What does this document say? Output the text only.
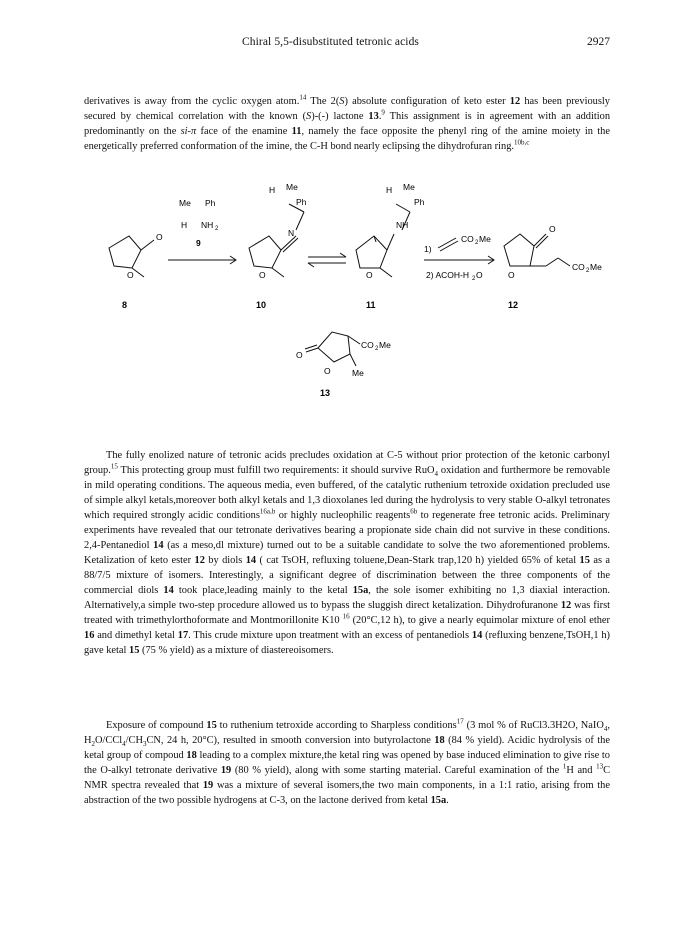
Chiral 5,5-disubstituted tetronic acids	2927

derivatives is away from the cyclic oxygen atom.$^{14}$ The 2(S) absolute configuration of keto ester 12 has been previously secured by chemical correlation with the known (S)-(-) lactone 13.$^9$ This assignment is in agreement with an addition predominantly on the si-π face of the enamine 11, namely the face opposite the phenyl ring of the amine moiety in the energetically preferred conformation of the imine, the C-H bond nearly eclipsing the dihydrofuran ring.$^{10b,c}$

O
O
Me Ph
H NH 2
9
H Me
Ph
N
O
H Me
Ph
NH
O
1)
CO 2 Me
2) ACOH-H 2 O
O
O
CO 2 Me
O
O
CO 2 Me
Me
8	10	11	12
13

The fully enolized nature of tetronic acids precludes oxidation at C-5 without prior protection of the ketonic carbonyl group.$^{15}$ This protecting group must fulfill two requirements: it should survive RuO$_4$ oxidation and furthermore be removable in mild operating conditions. The aqueous media, even buffered, of the catalytic ruthenium tetroxide oxidation precluded use of simple alkyl ketals,moreover both alkyl ketals and 1,3 dioxolanes led during the hydrolysis to very stable O-alkyl tetronates which required strongly acidic conditions$^{16a,b}$ or highly nucleophilic reagents$^{6b}$ to regenerate free tetronic acids. Preliminary experiments have revealed that our tetronate derivatives bearing a propionate side chain did not survive in these conditions. 2,4-Pentanediol 14 (as a meso,dl mixture) turned out to be a suitable candidate to solve the two aforementioned problems. Ketalization of keto ester 12 by diols 14 ( cat TsOH, refluxing toluene,Dean-Stark trap,120 h) yielded 65% of ketal 15 as a 88/7/5 mixture of isomers. Interestingly, a significant degree of discrimination between the three components of the commercial diols 14 took place,leading mainly to the ketal 15a, the sole isomer exhibiting no 1,3 diaxial interaction. Alternatively,a simple two-step procedure allowed us to bypass the sluggish direct ketalization. Dihydrofuranone 12 was first treated with trimethylorthoformate and Montmorillonite K10 $^{16}$ (20°C,12 h), to give a nearly equimolar mixture of enol ether 16 and dimethyl ketal 17. This crude mixture upon treatment with an excess of pentanediols 14 (refluxing benzene,TsOH,1 h) gave ketal 15 (75 % yield) as a mixture of diastereoisomers.

Exposure of compound 15 to ruthenium tetroxide according to Sharpless conditions$^{17}$ (3 mol % of RuCl3.3H2O, NaIO$_4$, $H_2O/CCl_4/CH_3CN$, 24 h, 20°C), resulted in smooth conversion into butyrolactone 18 (84 % yield). Acidic hydrolysis of the ketal group of compoud 18 leading to a complex mixture,the ketal ring was opened by base induced elimination to give rise to the O-alkyl tetronate derivative 19 (80 % yield), along with some starting material. Careful examination of the $^1$H and $^{13}$C NMR spectra revealed that 19 was a mixture of several isomers,the two main components, in a 1:1 ratio, arising from the abstraction of the two possible hydrogens at C-3, on the lactone derived from ketal 15a.
